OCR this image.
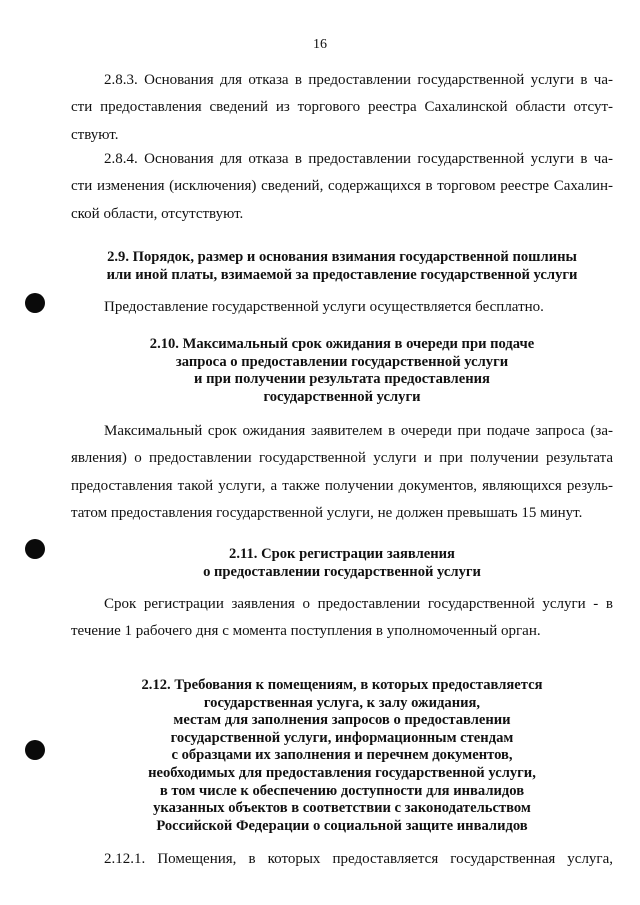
16
2.8.3. Основания для отказа в предоставлении государственной услуги в ча-
сти предоставления сведений из торгового реестра Сахалинской области отсут-
ствуют.
2.8.4. Основания для отказа в предоставлении государственной услуги в ча-
сти изменения (исключения) сведений, содержащихся в торговом реестре Сахалин-
ской области, отсутствуют.
2.9. Порядок, размер и основания взимания государственной пошлины
или иной платы, взимаемой за предоставление государственной услуги
Предоставление государственной услуги осуществляется бесплатно.
2.10. Максимальный срок ожидания в очереди при подаче
запроса о предоставлении государственной услуги
и при получении результата предоставления
государственной услуги
Максимальный срок ожидания заявителем в очереди при подаче запроса (за-
явления) о предоставлении государственной услуги и при получении результата
предоставления такой услуги, а также получении документов, являющихся резуль-
татом предоставления государственной услуги, не должен превышать 15 минут.
2.11. Срок регистрации заявления
о предоставлении государственной услуги
Срок регистрации заявления о предоставлении государственной услуги - в
течение 1 рабочего дня с момента поступления в уполномоченный орган.
2.12. Требования к помещениям, в которых предоставляется
государственная услуга, к залу ожидания,
местам для заполнения запросов о предоставлении
государственной услуги, информационным стендам
с образцами их заполнения и перечнем документов,
необходимых для предоставления государственной услуги,
в том числе к обеспечению доступности для инвалидов
указанных объектов в соответствии с законодательством
Российской Федерации о социальной защите инвалидов
2.12.1. Помещения, в которых предоставляется государственная услуга,
